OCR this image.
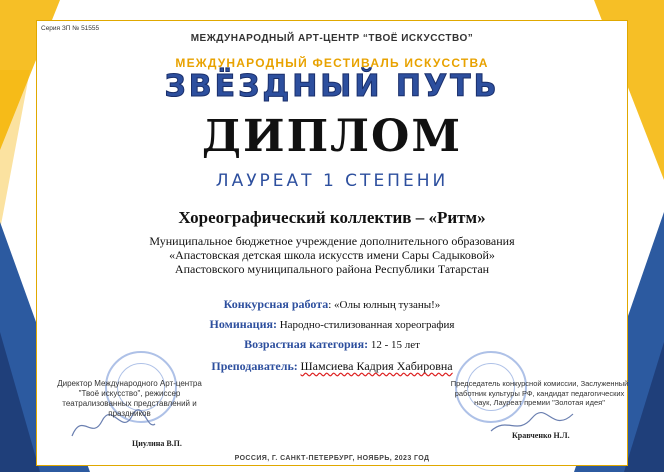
Серия ЗП № 51555
МЕЖДУНАРОДНЫЙ АРТ-ЦЕНТР “ТВОЁ ИСКУССТВО”
МЕЖДУНАРОДНЫЙ ФЕСТИВАЛЬ ИСКУССТВА
ЗВЁЗДНЫЙ ПУТЬ
ДИПЛОМ
ЛАУРЕАТ 1 СТЕПЕНИ
Хореографический коллектив – «Ритм»
Муниципальное бюджетное учреждение дополнительного образования
«Апастовская детская школа искусств имени Сары Садыковой»
Апастовского муниципального района Республики Татарстан
Конкурсная работа: «Олы юлның тузаны!»
Номинация: Народно-стилизованная хореография
Возрастная категория: 12 - 15 лет
Преподаватель: Шамсиева Кадрия Хабировна
Директор Международного Арт-центра "Твоё искусство", режиссер театрализованных представлений и праздников
Циулина В.П.
Председатель конкурсной комиссии, Заслуженный работник культуры РФ, кандидат педагогических наук, Лауреат премии "Золотая идея"
Кравченко Н.Л.
РОССИЯ, Г. САНКТ-ПЕТЕРБУРГ, НОЯБРЬ, 2023 ГОД
